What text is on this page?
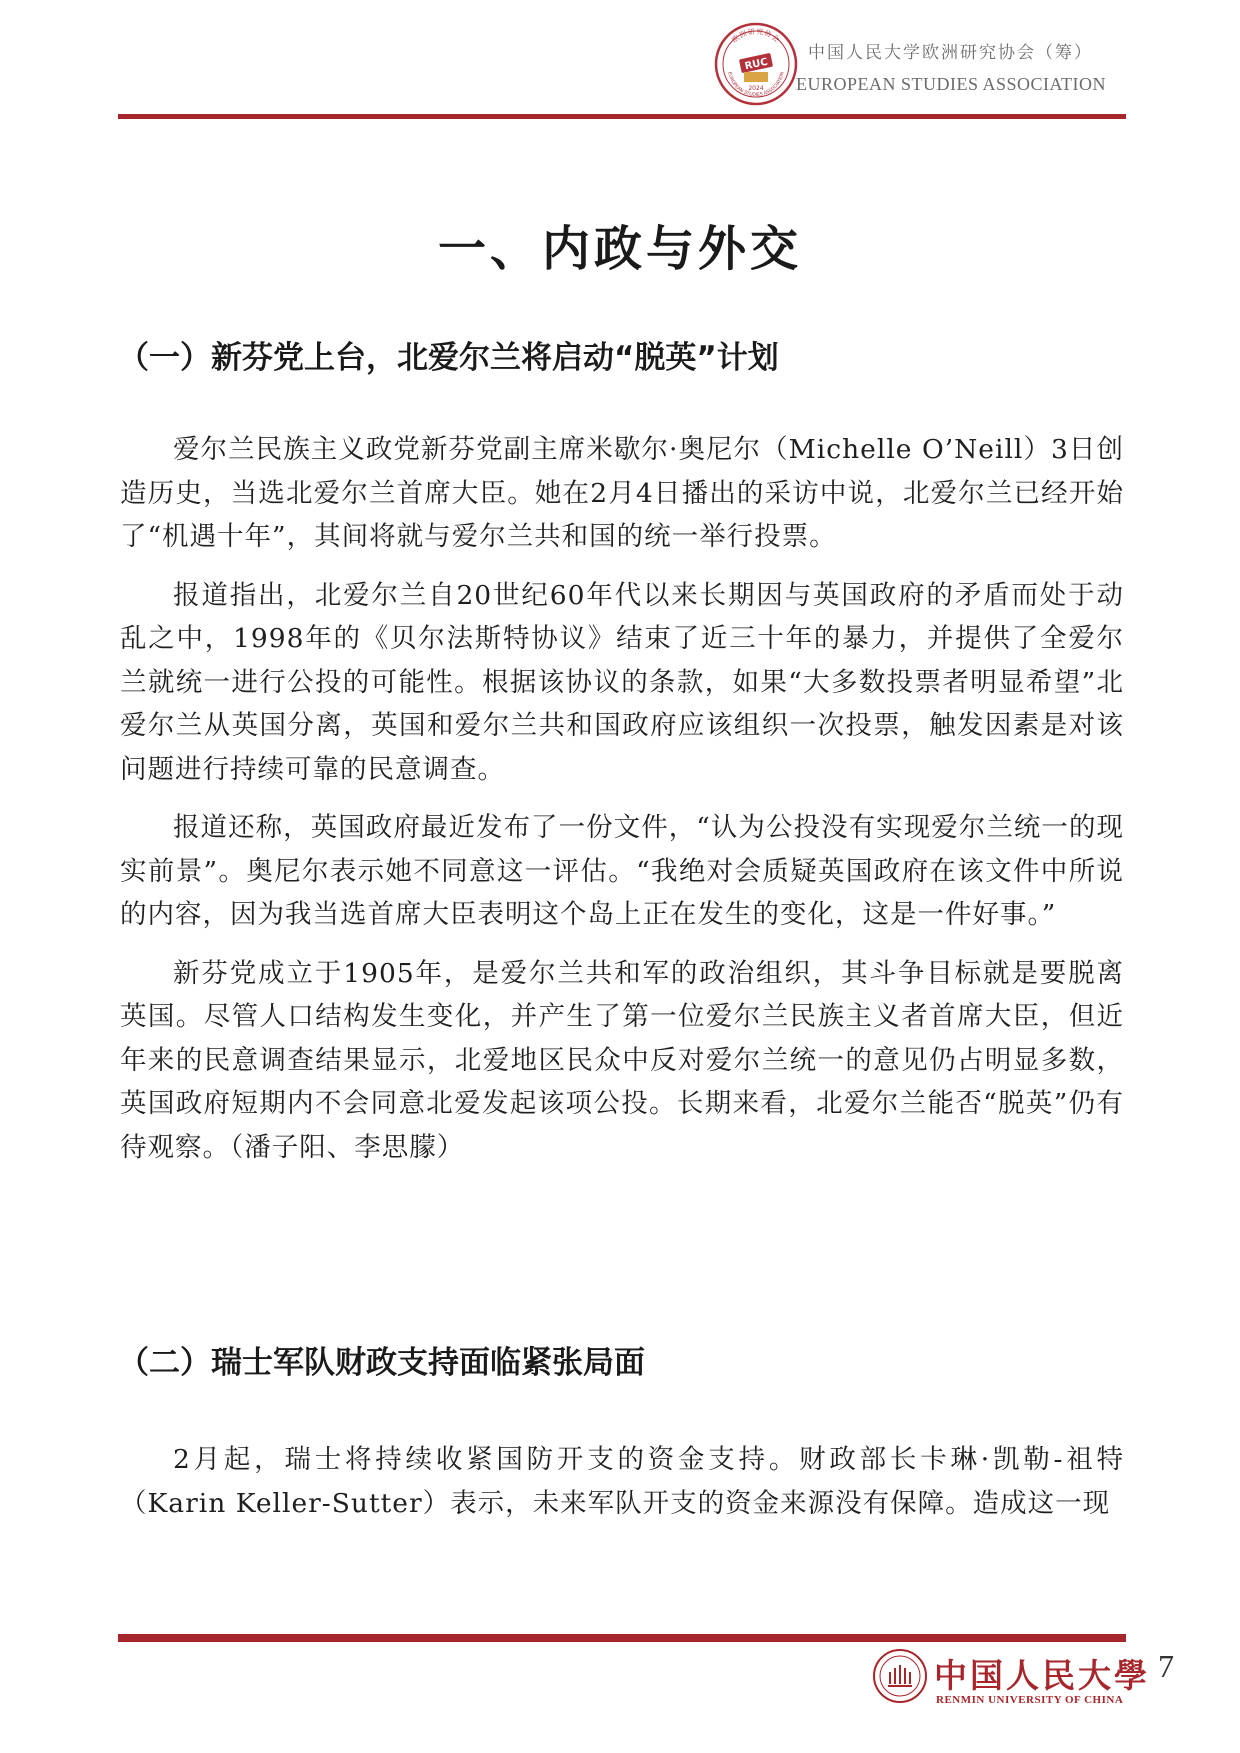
欧洲研究协会
EUROPEAN STUDIES ASSOCIATION
RUC
2024
中国人民大学欧洲研究协会（筹）
EUROPEAN STUDIES ASSOCIATION
一、内政与外交
（一）新芬党上台，北爱尔兰将启动“脱英”计划

爱尔兰民族主义政党新芬党副主席米歇尔·奥尼尔（Michelle O’Neill）3日创造历史，当选北爱尔兰首席大臣。她在2月4日播出的采访中说，北爱尔兰已经开始了“机遇十年”，其间将就与爱尔兰共和国的统一举行投票。

报道指出，北爱尔兰自20世纪60年代以来长期因与英国政府的矛盾而处于动乱之中，1998年的《贝尔法斯特协议》结束了近三十年的暴力，并提供了全爱尔兰就统一进行公投的可能性。根据该协议的条款，如果“大多数投票者明显希望”北爱尔兰从英国分离，英国和爱尔兰共和国政府应该组织一次投票，触发因素是对该问题进行持续可靠的民意调查。

报道还称，英国政府最近发布了一份文件，“认为公投没有实现爱尔兰统一的现实前景”。奥尼尔表示她不同意这一评估。“我绝对会质疑英国政府在该文件中所说的内容，因为我当选首席大臣表明这个岛上正在发生的变化，这是一件好事。”

新芬党成立于1905年，是爱尔兰共和军的政治组织，其斗争目标就是要脱离英国。尽管人口结构发生变化，并产生了第一位爱尔兰民族主义者首席大臣，但近年来的民意调查结果显示，北爱地区民众中反对爱尔兰统一的意见仍占明显多数，英国政府短期内不会同意北爱发起该项公投。长期来看，北爱尔兰能否“脱英”仍有待观察。（潘子阳、李思朦）

（二）瑞士军队财政支持面临紧张局面

2月起，瑞士将持续收紧国防开支的资金支持。财政部长卡琳·凯勒-祖特（Karin Keller-Sutter）表示，未来军队开支的资金来源没有保障。造成这一现

中国人民大學
RENMIN UNIVERSITY OF CHINA
7
